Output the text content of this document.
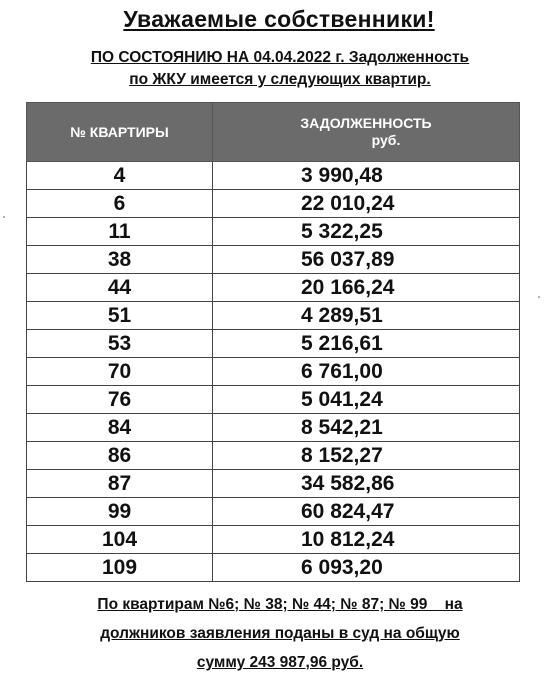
Уважаемые собственники!
ПО СОСТОЯНИЮ НА 04.04.2022 г. Задолженность
по ЖКУ имеется у следующих квартир.
№ КВАРТИРЫ	ЗАДОЛЖЕННОСТЬ
руб.

4	3 990,48
6	22 010,24
11	5 322,25
38	56 037,89
44	20 166,24
51	4 289,51
53	5 216,61
70	6 761,00
76	5 041,24
84	8 542,21
86	8 152,27
87	34 582,86
99	60 824,47
104	10 812,24
109	6 093,20
По квартирам №6; № 38; № 44; № 87; № 99    на
должников заявления поданы в суд на общую
сумму 243 987,96 руб.
